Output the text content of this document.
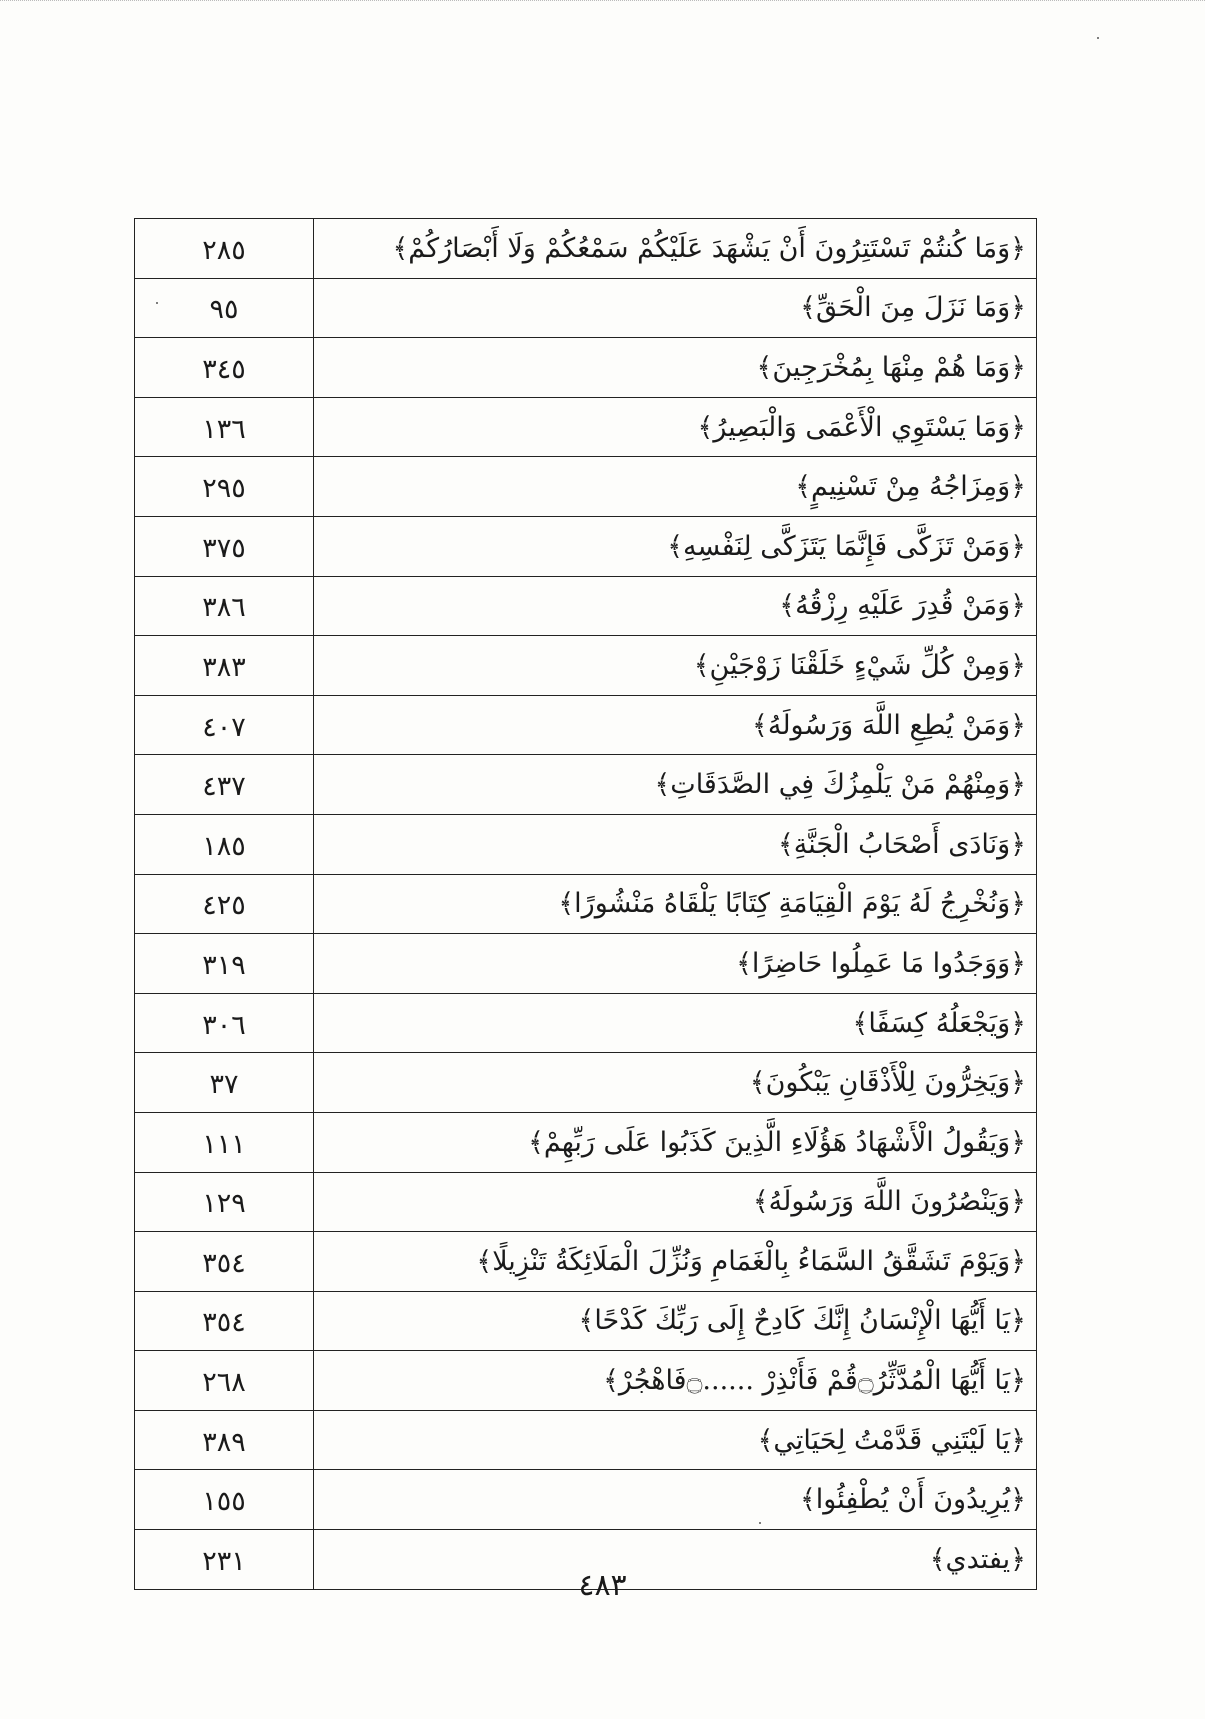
﴿وَمَا كُنتُمْ تَسْتَتِرُونَ أَنْ يَشْهَدَ عَلَيْكُمْ سَمْعُكُمْ وَلَا أَبْصَارُكُمْ﴾	٢٨٥
﴿وَمَا نَزَلَ مِنَ الْحَقِّ﴾	٩٥
﴿وَمَا هُمْ مِنْهَا بِمُخْرَجِينَ﴾	٣٤٥
﴿وَمَا يَسْتَوِي الْأَعْمَى وَالْبَصِيرُ﴾	١٣٦
﴿وَمِزَاجُهُ مِنْ تَسْنِيمٍ﴾	٢٩٥
﴿وَمَنْ تَزَكَّى فَإِنَّمَا يَتَزَكَّى لِنَفْسِهِ﴾	٣٧٥
﴿وَمَنْ قُدِرَ عَلَيْهِ رِزْقُهُ﴾	٣٨٦
﴿وَمِنْ كُلِّ شَيْءٍ خَلَقْنَا زَوْجَيْنِ﴾	٣٨٣
﴿وَمَنْ يُطِعِ اللَّهَ وَرَسُولَهُ﴾	٤٠٧
﴿وَمِنْهُمْ مَنْ يَلْمِزُكَ فِي الصَّدَقَاتِ﴾	٤٣٧
﴿وَنَادَى أَصْحَابُ الْجَنَّةِ﴾	١٨٥
﴿وَنُخْرِجُ لَهُ يَوْمَ الْقِيَامَةِ كِتَابًا يَلْقَاهُ مَنْشُورًا﴾	٤٢٥
﴿وَوَجَدُوا مَا عَمِلُوا حَاضِرًا﴾	٣١٩
﴿وَيَجْعَلُهُ كِسَفًا﴾	٣٠٦
﴿وَيَخِرُّونَ لِلْأَذْقَانِ يَبْكُونَ﴾	٣٧
﴿وَيَقُولُ الْأَشْهَادُ هَؤُلَاءِ الَّذِينَ كَذَبُوا عَلَى رَبِّهِمْ﴾	١١١
﴿وَيَنْصُرُونَ اللَّهَ وَرَسُولَهُ﴾	١٢٩
﴿وَيَوْمَ تَشَقَّقُ السَّمَاءُ بِالْغَمَامِ وَنُزِّلَ الْمَلَائِكَةُ تَنْزِيلًا﴾	٣٥٤
﴿يَا أَيُّهَا الْإِنْسَانُ إِنَّكَ كَادِحٌ إِلَى رَبِّكَ كَدْحًا﴾	٣٥٤
﴿يَا أَيُّهَا الْمُدَّثِّرُ۝قُمْ فَأَنْذِرْ ......۝فَاهْجُرْ﴾	٢٦٨
﴿يَا لَيْتَنِي قَدَّمْتُ لِحَيَاتِي﴾	٣٨٩
﴿يُرِيدُونَ أَنْ يُطْفِئُوا﴾	١٥٥
﴿يفتدي﴾	٢٣١
٤٨٣
